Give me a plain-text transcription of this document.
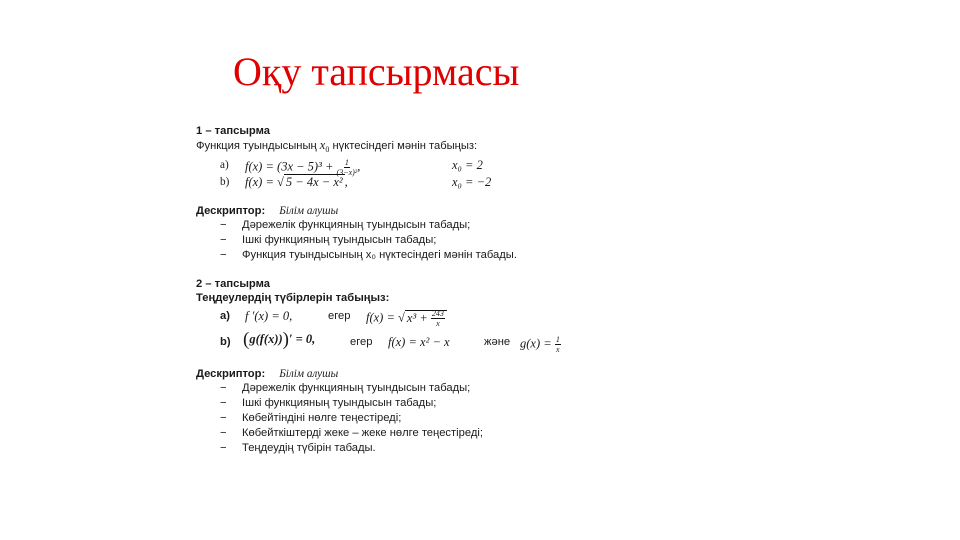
Оқу тапсырмасы
1 – тапсырма
Функция туындысының $x_0$ нүктесіндегі мәнін табыңыз:
а) $f(x) = (3x - 5)^3 + \frac{1}{\text{(3−x)²}}$ ,	x₀ = 2
b) f(x) = √ 5 − 4x − x² ,	x₀ = −2
Дескриптор: Білім алушы
− Дәрежелік функцияның туындысын табады;
− Ішкі функцияның туындысын табады;
− Функция туындысының x₀ нүктесіндегі мәнін табады.
2 – тапсырма
Теңдеулердің түбірлерін табыңыз:
а) f ′(x) = 0,	егер f(x) = √ $x^3 + \frac{243}{x}$
b) (g(f(x)))′ = 0,	егер f(x) = x² − x	және $g(x) = \frac{1}{x}$
Дескриптор: Білім алушы
− Дәрежелік функцияның туындысын табады;
− Ішкі функцияның туындысын табады;
− Көбейтіндіні нөлге теңестіреді;
− Көбейткіштерді жеке – жеке нөлге теңестіреді;
− Теңдеудің түбірін табады.
